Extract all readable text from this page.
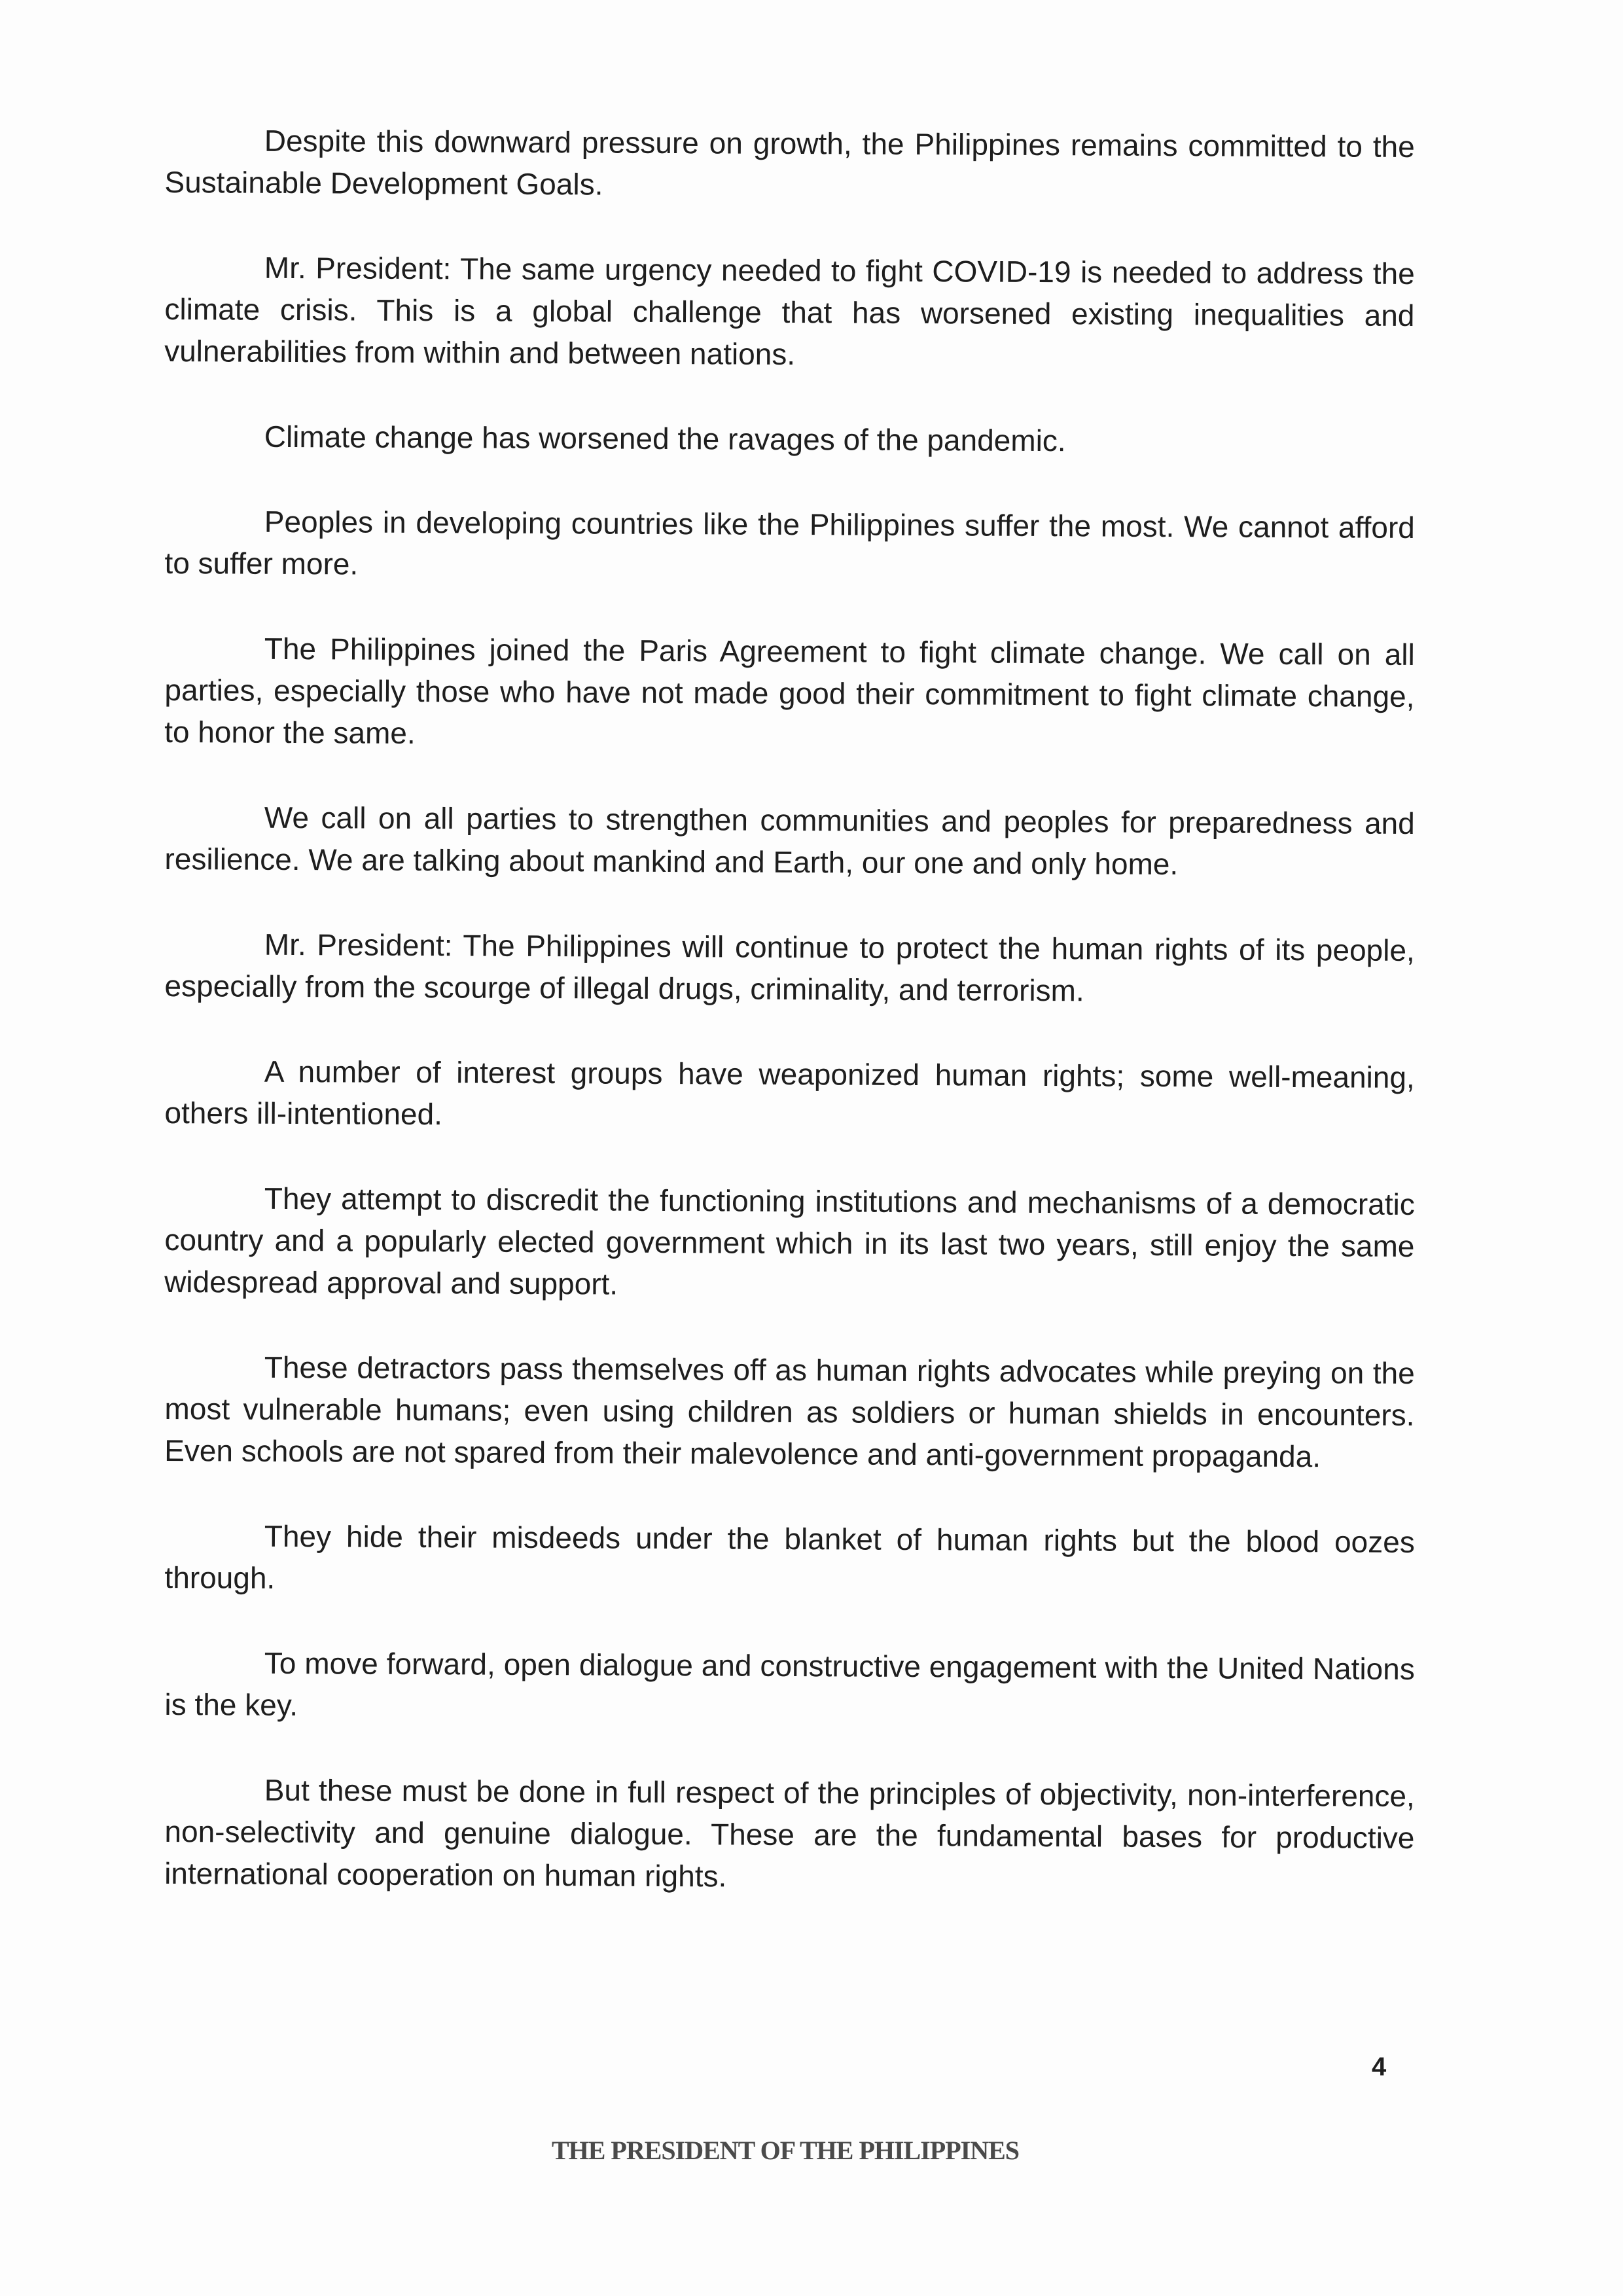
Despite this downward pressure on growth, the Philippines remains committed to the Sustainable Development Goals.

Mr. President: The same urgency needed to fight COVID-19 is needed to address the climate crisis. This is a global challenge that has worsened existing inequalities and vulnerabilities from within and between nations.

Climate change has worsened the ravages of the pandemic.

Peoples in developing countries like the Philippines suffer the most. We cannot afford to suffer more.

The Philippines joined the Paris Agreement to fight climate change. We call on all parties, especially those who have not made good their commitment to fight climate change, to honor the same.

We call on all parties to strengthen communities and peoples for preparedness and resilience. We are talking about mankind and Earth, our one and only home.

Mr. President: The Philippines will continue to protect the human rights of its people, especially from the scourge of illegal drugs, criminality, and terrorism.

A number of interest groups have weaponized human rights; some well-meaning, others ill-intentioned.

They attempt to discredit the functioning institutions and mechanisms of a democratic country and a popularly elected government which in its last two years, still enjoy the same widespread approval and support.

These detractors pass themselves off as human rights advocates while preying on the most vulnerable humans; even using children as soldiers or human shields in encounters. Even schools are not spared from their malevolence and anti-government propaganda.

They hide their misdeeds under the blanket of human rights but the blood oozes through.

To move forward, open dialogue and constructive engagement with the United Nations is the key.

But these must be done in full respect of the principles of objectivity, non-interference, non-selectivity and genuine dialogue. These are the fundamental bases for productive international cooperation on human rights.

4
THE PRESIDENT OF THE PHILIPPINES
